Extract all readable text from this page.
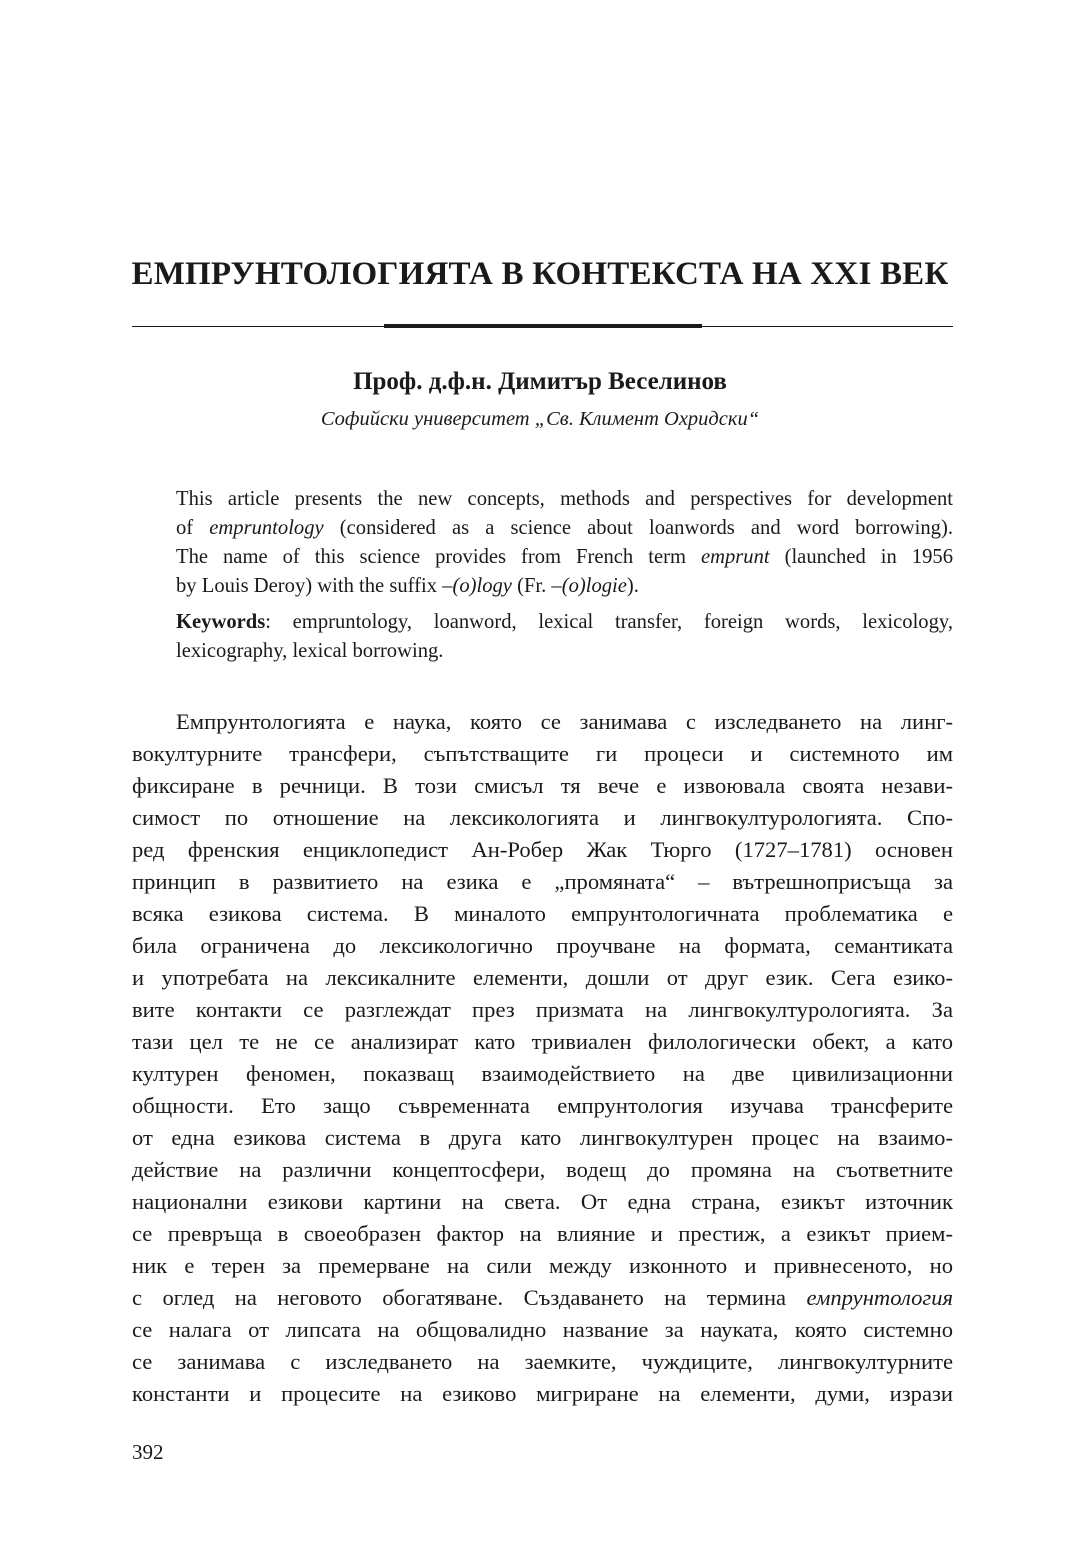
ЕМПРУНТОЛОГИЯТА В КОНТЕКСТА НА XXI ВЕК
Проф. д.ф.н. Димитър Веселинов
Софийски университет „Св. Климент Охридски“
This article presents the new concepts, methods and perspectives for development
of empruntology (considered as a science about loanwords and word borrowing).
The name of this science provides from French term emprunt (launched in 1956
by Louis Deroy) with the suffix –(o)logy (Fr. –(o)logie).
Keywords: empruntology, loanword, lexical transfer, foreign words, lexicology,
lexicography, lexical borrowing.
Емпрунтологията е наука, която се занимава с изследването на линг-
вокултурните трансфери, съпътстващите ги процеси и системното им
фиксиране в речници. В този смисъл тя вече е извоювала своята незави-
симост по отношение на лексикологията и лингвокултурологията. Спо-
ред френския енциклопедист Ан-Робер Жак Тюрго (1727–1781) основен
принцип в развитието на езика е „промяната“ – вътрешноприсъща за
всяка езикова система. В миналото емпрунтологичната проблематика е
била ограничена до лексикологично проучване на формата, семантиката
и употребата на лексикалните елементи, дошли от друг език. Сега езико-
вите контакти се разглеждат през призмата на лингвокултурологията. За
тази цел те не се анализират като тривиален филологически обект, а като
културен феномен, показващ взаимодействието на две цивилизационни
общности. Ето защо съвременната емпрунтология изучава трансферите
от една езикова система в друга като лингвокултурен процес на взаимо-
действие на различни концептосфери, водещ до промяна на съответните
национални езикови картини на света. От една страна, езикът източник
се превръща в своеобразен фактор на влияние и престиж, а езикът прием-
ник е терен за премерване на сили между изконното и привнесеното, но
с оглед на неговото обогатяване. Създаването на термина емпрунтология
се налага от липсата на общовалидно название за науката, която системно
се занимава с изследването на заемките, чуждиците, лингвокултурните
константи и процесите на езиково мигриране на елементи, думи, изрази
392
